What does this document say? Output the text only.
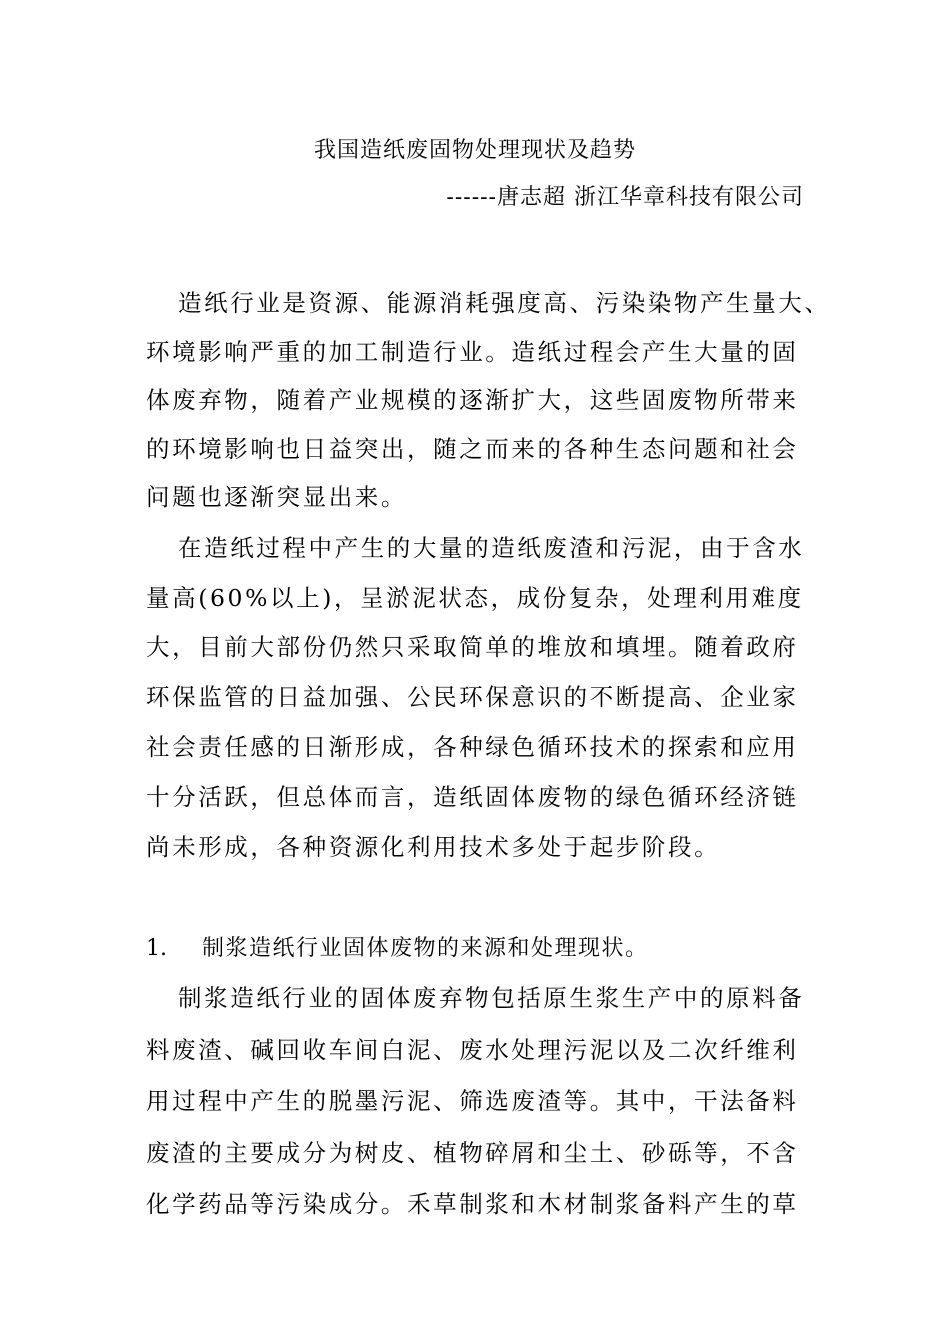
我国造纸废固物处理现状及趋势
------唐志超 浙江华章科技有限公司
造纸行业是资源、能源消耗强度高、污染染物产生量大、
环境影响严重的加工制造行业。造纸过程会产生大量的固
体废弃物，随着产业规模的逐渐扩大，这些固废物所带来
的环境影响也日益突出，随之而来的各种生态问题和社会
问题也逐渐突显出来。
在造纸过程中产生的大量的造纸废渣和污泥，由于含水
量高(60%以上)，呈淤泥状态，成份复杂，处理利用难度
大，目前大部份仍然只采取简单的堆放和填埋。随着政府
环保监管的日益加强、公民环保意识的不断提高、企业家
社会责任感的日渐形成，各种绿色循环技术的探索和应用
十分活跃，但总体而言，造纸固体废物的绿色循环经济链
尚未形成，各种资源化利用技术多处于起步阶段。
1. 制浆造纸行业固体废物的来源和处理现状。
制浆造纸行业的固体废弃物包括原生浆生产中的原料备
料废渣、碱回收车间白泥、废水处理污泥以及二次纤维利
用过程中产生的脱墨污泥、筛选废渣等。其中，干法备料
废渣的主要成分为树皮、植物碎屑和尘土、砂砾等，不含
化学药品等污染成分。禾草制浆和木材制浆备料产生的草
